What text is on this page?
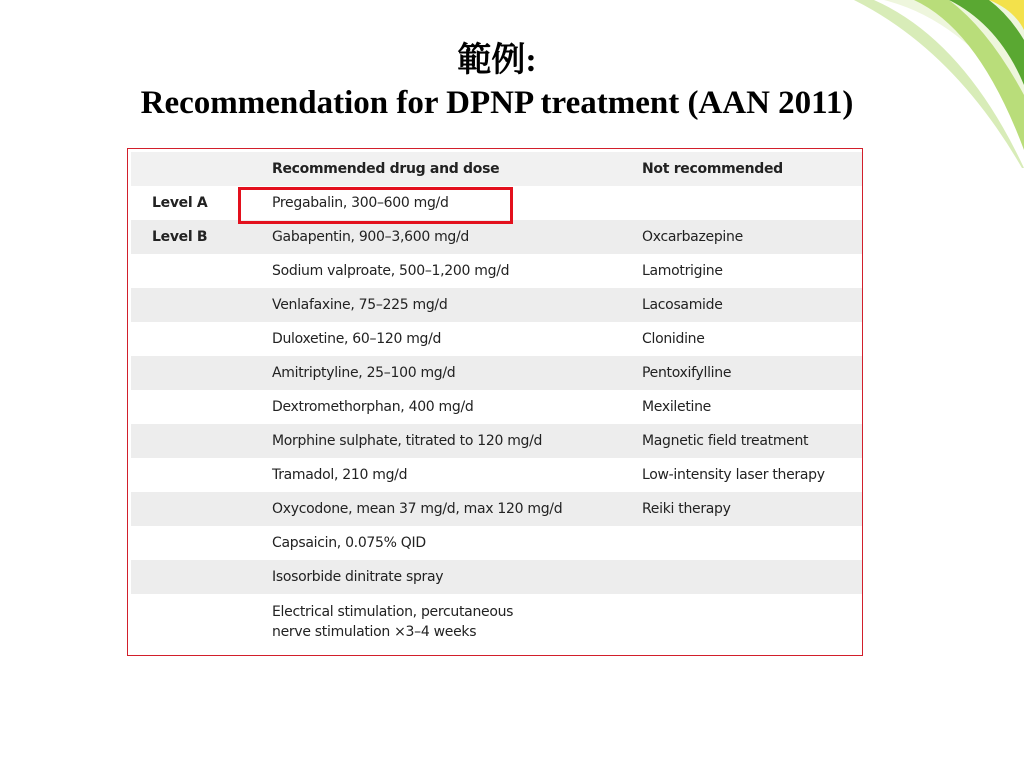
範例:
Recommendation for DPNP treatment (AAN 2011)
	Recommended drug and dose	Not recommended
Level A	Pregabalin, 300–600 mg/d	
Level B	Gabapentin, 900–3,600 mg/d	Oxcarbazepine
	Sodium valproate, 500–1,200 mg/d	Lamotrigine
	Venlafaxine, 75–225 mg/d	Lacosamide
	Duloxetine, 60–120 mg/d	Clonidine
	Amitriptyline, 25–100 mg/d	Pentoxifylline
	Dextromethorphan, 400 mg/d	Mexiletine
	Morphine sulphate, titrated to 120 mg/d	Magnetic field treatment
	Tramadol, 210 mg/d	Low-intensity laser therapy
	Oxycodone, mean 37 mg/d, max 120 mg/d	Reiki therapy
	Capsaicin, 0.075% QID	
	Isosorbide dinitrate spray	
	Electrical stimulation, percutaneous
nerve stimulation ×3–4 weeks	
